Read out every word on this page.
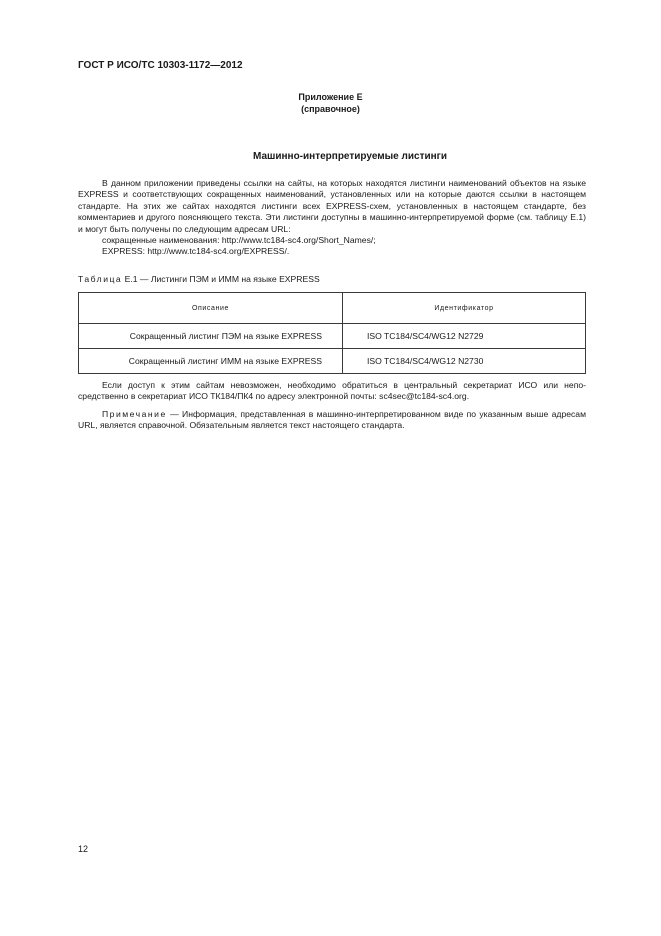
ГОСТ Р ИСО/ТС 10303-1172—2012
Приложение Е
(справочное)
Машинно-интерпретируемые листинги
В данном приложении приведены ссылки на сайты, на которых находятся листинги наименований объектов на языке EXPRESS и соответствующих сокращенных наименований, установленных или на которые даются ссылки в настоящем стандарте. На этих же сайтах находятся листинги всех EXPRESS-схем, установленных в настоящем стандарте, без комментариев и другого поясняющего текста. Эти листинги доступны в машинно-интерпретируемой форме (см. таблицу Е.1) и могут быть получены по следующим адресам URL:
сокращенные наименования: http://www.tc184-sc4.org/Short_Names/;
EXPRESS: http://www.tc184-sc4.org/EXPRESS/.
Таблица Е.1 — Листинги ПЭМ и ИММ на языке EXPRESS
Описание	Идентификатор
Сокращенный листинг ПЭМ на языке EXPRESS	ISO TC184/SC4/WG12 N2729
Сокращенный листинг ИММ на языке EXPRESS	ISO TC184/SC4/WG12 N2730
Если доступ к этим сайтам невозможен, необходимо обратиться в центральный секретариат ИСО или непо-средственно в секретариат ИСО ТК184/ПК4 по адресу электронной почты: sc4sec@tc184-sc4.org.
Примечание — Информация, представленная в машинно-интерпретированном виде по указанным выше адресам URL, является справочной. Обязательным является текст настоящего стандарта.
12
